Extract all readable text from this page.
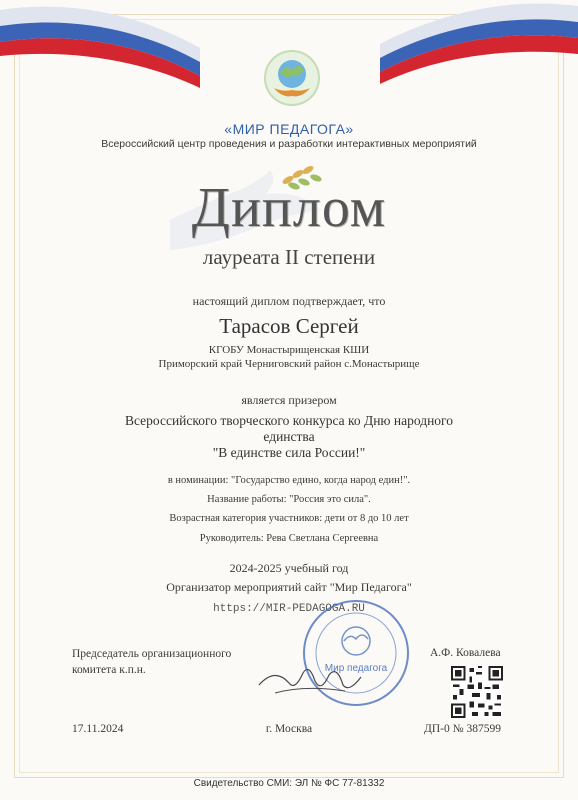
«МИР ПЕДАГОГА»
Всероссийский центр проведения и разработки интерактивных мероприятий
Диплом
лауреата II степени
настоящий диплом подтверждает, что
Тарасов Сергей
КГОБУ Монастырищенская КШИ
Приморский край Черниговский район с.Монастырище
является призером
Всероссийского творческого конкурса ко Дню народного
единства
"В единстве сила России!"
в номинации: "Государство едино, когда народ един!".
Название работы: "Россия это сила".
Возрастная категория участников: дети от 8 до 10 лет
Руководитель: Рева Светлана Сергеевна
2024-2025 учебный год
Организатор мероприятий сайт "Мир Педагога"
https://MIR-PEDAGOGA.RU
Председатель организационного
комитета к.п.н.
А.Ф. Ковалева
Мир педагога
17.11.2024	г. Москва	ДП-0 № 387599
Свидетельство СМИ: ЭЛ № ФС 77-81332
